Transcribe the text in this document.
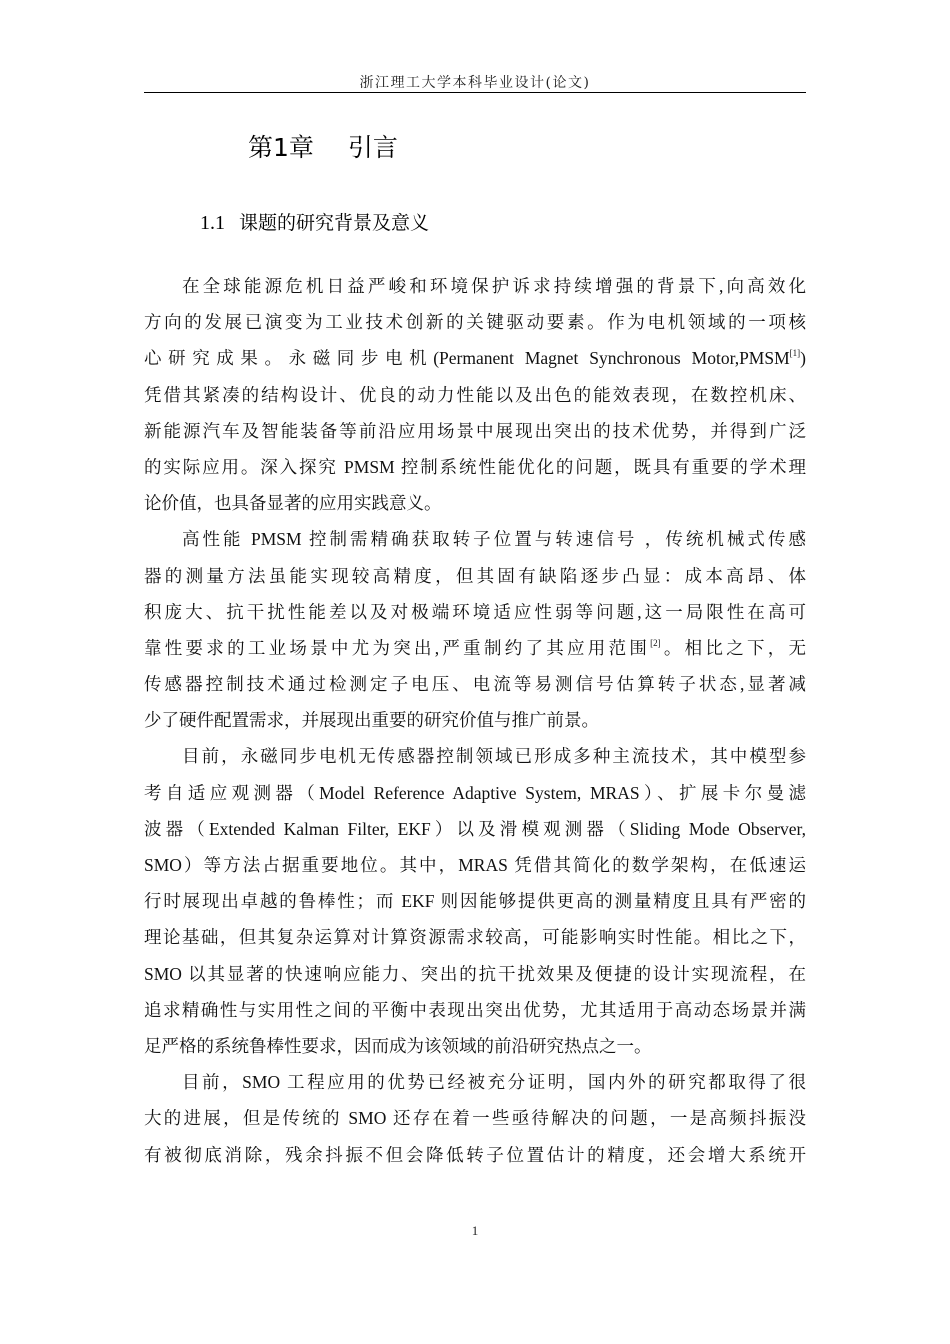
浙江理工大学本科毕业设计(论文)
第1章 引言
1.1 课题的研究背景及意义
在全球能源危机日益严峻和环境保护诉求持续增强的背景下,向高效化
方向的发展已演变为工业技术创新的关键驱动要素。作为电机领域的一项核
心研究成果。永磁同步电机(Permanent Magnet Synchronous Motor,PMSM[1])
凭借其紧凑的结构设计、优良的动力性能以及出色的能效表现，在数控机床、
新能源汽车及智能装备等前沿应用场景中展现出突出的技术优势，并得到广泛
的实际应用。深入探究 PMSM 控制系统性能优化的问题，既具有重要的学术理
论价值，也具备显著的应用实践意义。
高性能 PMSM 控制需精确获取转子位置与转速信号 ，传统机械式传感
器的测量方法虽能实现较高精度，但其固有缺陷逐步凸显：成本高昂、体
积庞大、抗干扰性能差以及对极端环境适应性弱等问题,这一局限性在高可
靠性要求的工业场景中尤为突出,严重制约了其应用范围[2]。相比之下，无
传感器控制技术通过检测定子电压、电流等易测信号估算转子状态,显著减
少了硬件配置需求，并展现出重要的研究价值与推广前景。
目前，永磁同步电机无传感器控制领域已形成多种主流技术，其中模型参
考自适应观测器（Model Reference Adaptive System, MRAS）、扩展卡尔曼滤
波器（Extended Kalman Filter, EKF）以及滑模观测器（Sliding Mode Observer,
SMO）等方法占据重要地位。其中，MRAS 凭借其简化的数学架构，在低速运
行时展现出卓越的鲁棒性；而 EKF 则因能够提供更高的测量精度且具有严密的
理论基础，但其复杂运算对计算资源需求较高，可能影响实时性能。相比之下，
SMO 以其显著的快速响应能力、突出的抗干扰效果及便捷的设计实现流程，在
追求精确性与实用性之间的平衡中表现出突出优势，尤其适用于高动态场景并满
足严格的系统鲁棒性要求，因而成为该领域的前沿研究热点之一。
目前，SMO 工程应用的优势已经被充分证明，国内外的研究都取得了很
大的进展，但是传统的 SMO 还存在着一些亟待解决的问题，一是高频抖振没
有被彻底消除，残余抖振不但会降低转子位置估计的精度，还会增大系统开
1
